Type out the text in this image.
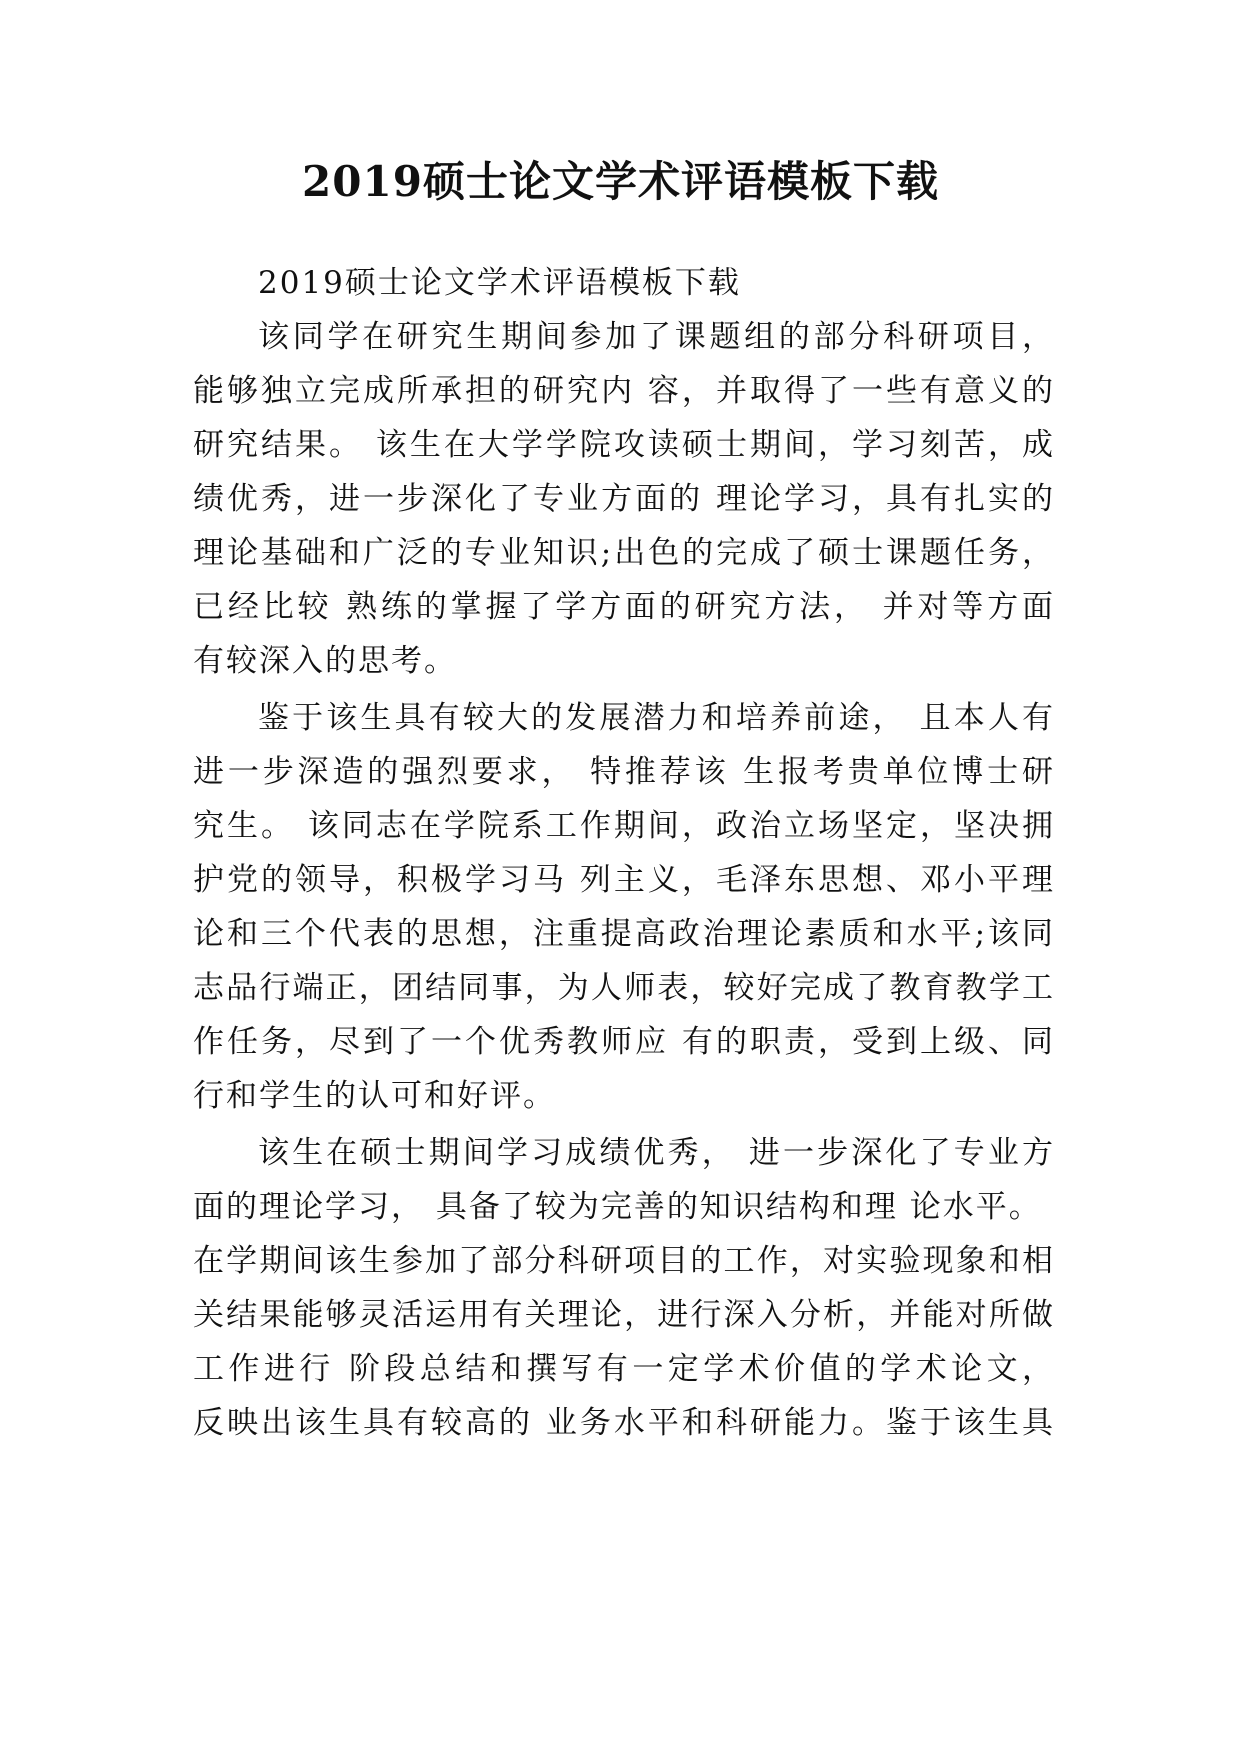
2019硕士论文学术评语模板下载

2019硕士论文学术评语模板下载

该同学在研究生期间参加了课题组的部分科研项目，

能够独立完成所承担的研究内 容，并取得了一些有意义的

研究结果。 该生在大学学院攻读硕士期间，学习刻苦，成

绩优秀，进一步深化了专业方面的 理论学习，具有扎实的

理论基础和广泛的专业知识;出色的完成了硕士课题任务，

已经比较 熟练的掌握了学方面的研究方法， 并对等方面

有较深入的思考。

鉴于该生具有较大的发展潜力和培养前途， 且本人有

进一步深造的强烈要求， 特推荐该 生报考贵单位博士研

究生。 该同志在学院系工作期间，政治立场坚定，坚决拥

护党的领导，积极学习马 列主义，毛泽东思想、邓小平理

论和三个代表的思想，注重提高政治理论素质和水平;该同

志品行端正，团结同事，为人师表，较好完成了教育教学工

作任务，尽到了一个优秀教师应 有的职责，受到上级、同

行和学生的认可和好评。

该生在硕士期间学习成绩优秀， 进一步深化了专业方

面的理论学习， 具备了较为完善的知识结构和理 论水平。

在学期间该生参加了部分科研项目的工作，对实验现象和相

关结果能够灵活运用有关理论，进行深入分析，并能对所做

工作进行 阶段总结和撰写有一定学术价值的学术论文，

反映出该生具有较高的 业务水平和科研能力。鉴于该生具
